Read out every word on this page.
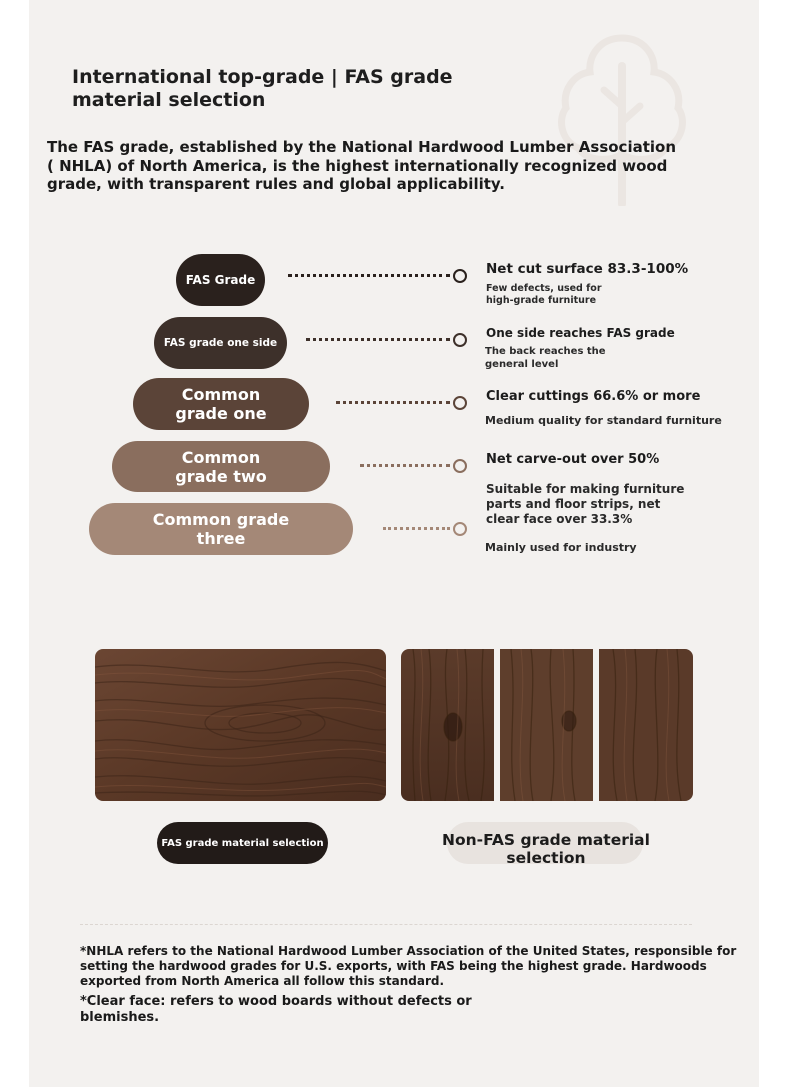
International top-grade | FAS grade material selection
The FAS grade, established by the National Hardwood Lumber Association ( NHLA) of North America, is the highest internationally recognized wood grade, with transparent rules and global applicability.
FAS Grade
FAS grade one side
Common grade one
Common grade two
Common grade three
Net cut surface 83.3-100%
Few defects, used for high-grade furniture
One side reaches FAS grade
The back reaches the general level
Clear cuttings 66.6% or more
Medium quality for standard furniture
Net carve-out over 50%
Suitable for making furniture parts and floor strips, net clear face over 33.3%
Mainly used for industry
FAS grade material selection	Non-FAS grade material selection
*NHLA refers to the National Hardwood Lumber Association of the United States, responsible for setting the hardwood grades for U.S. exports, with FAS being the highest grade. Hardwoods exported from North America all follow this standard.
*Clear face: refers to wood boards without defects or blemishes.
